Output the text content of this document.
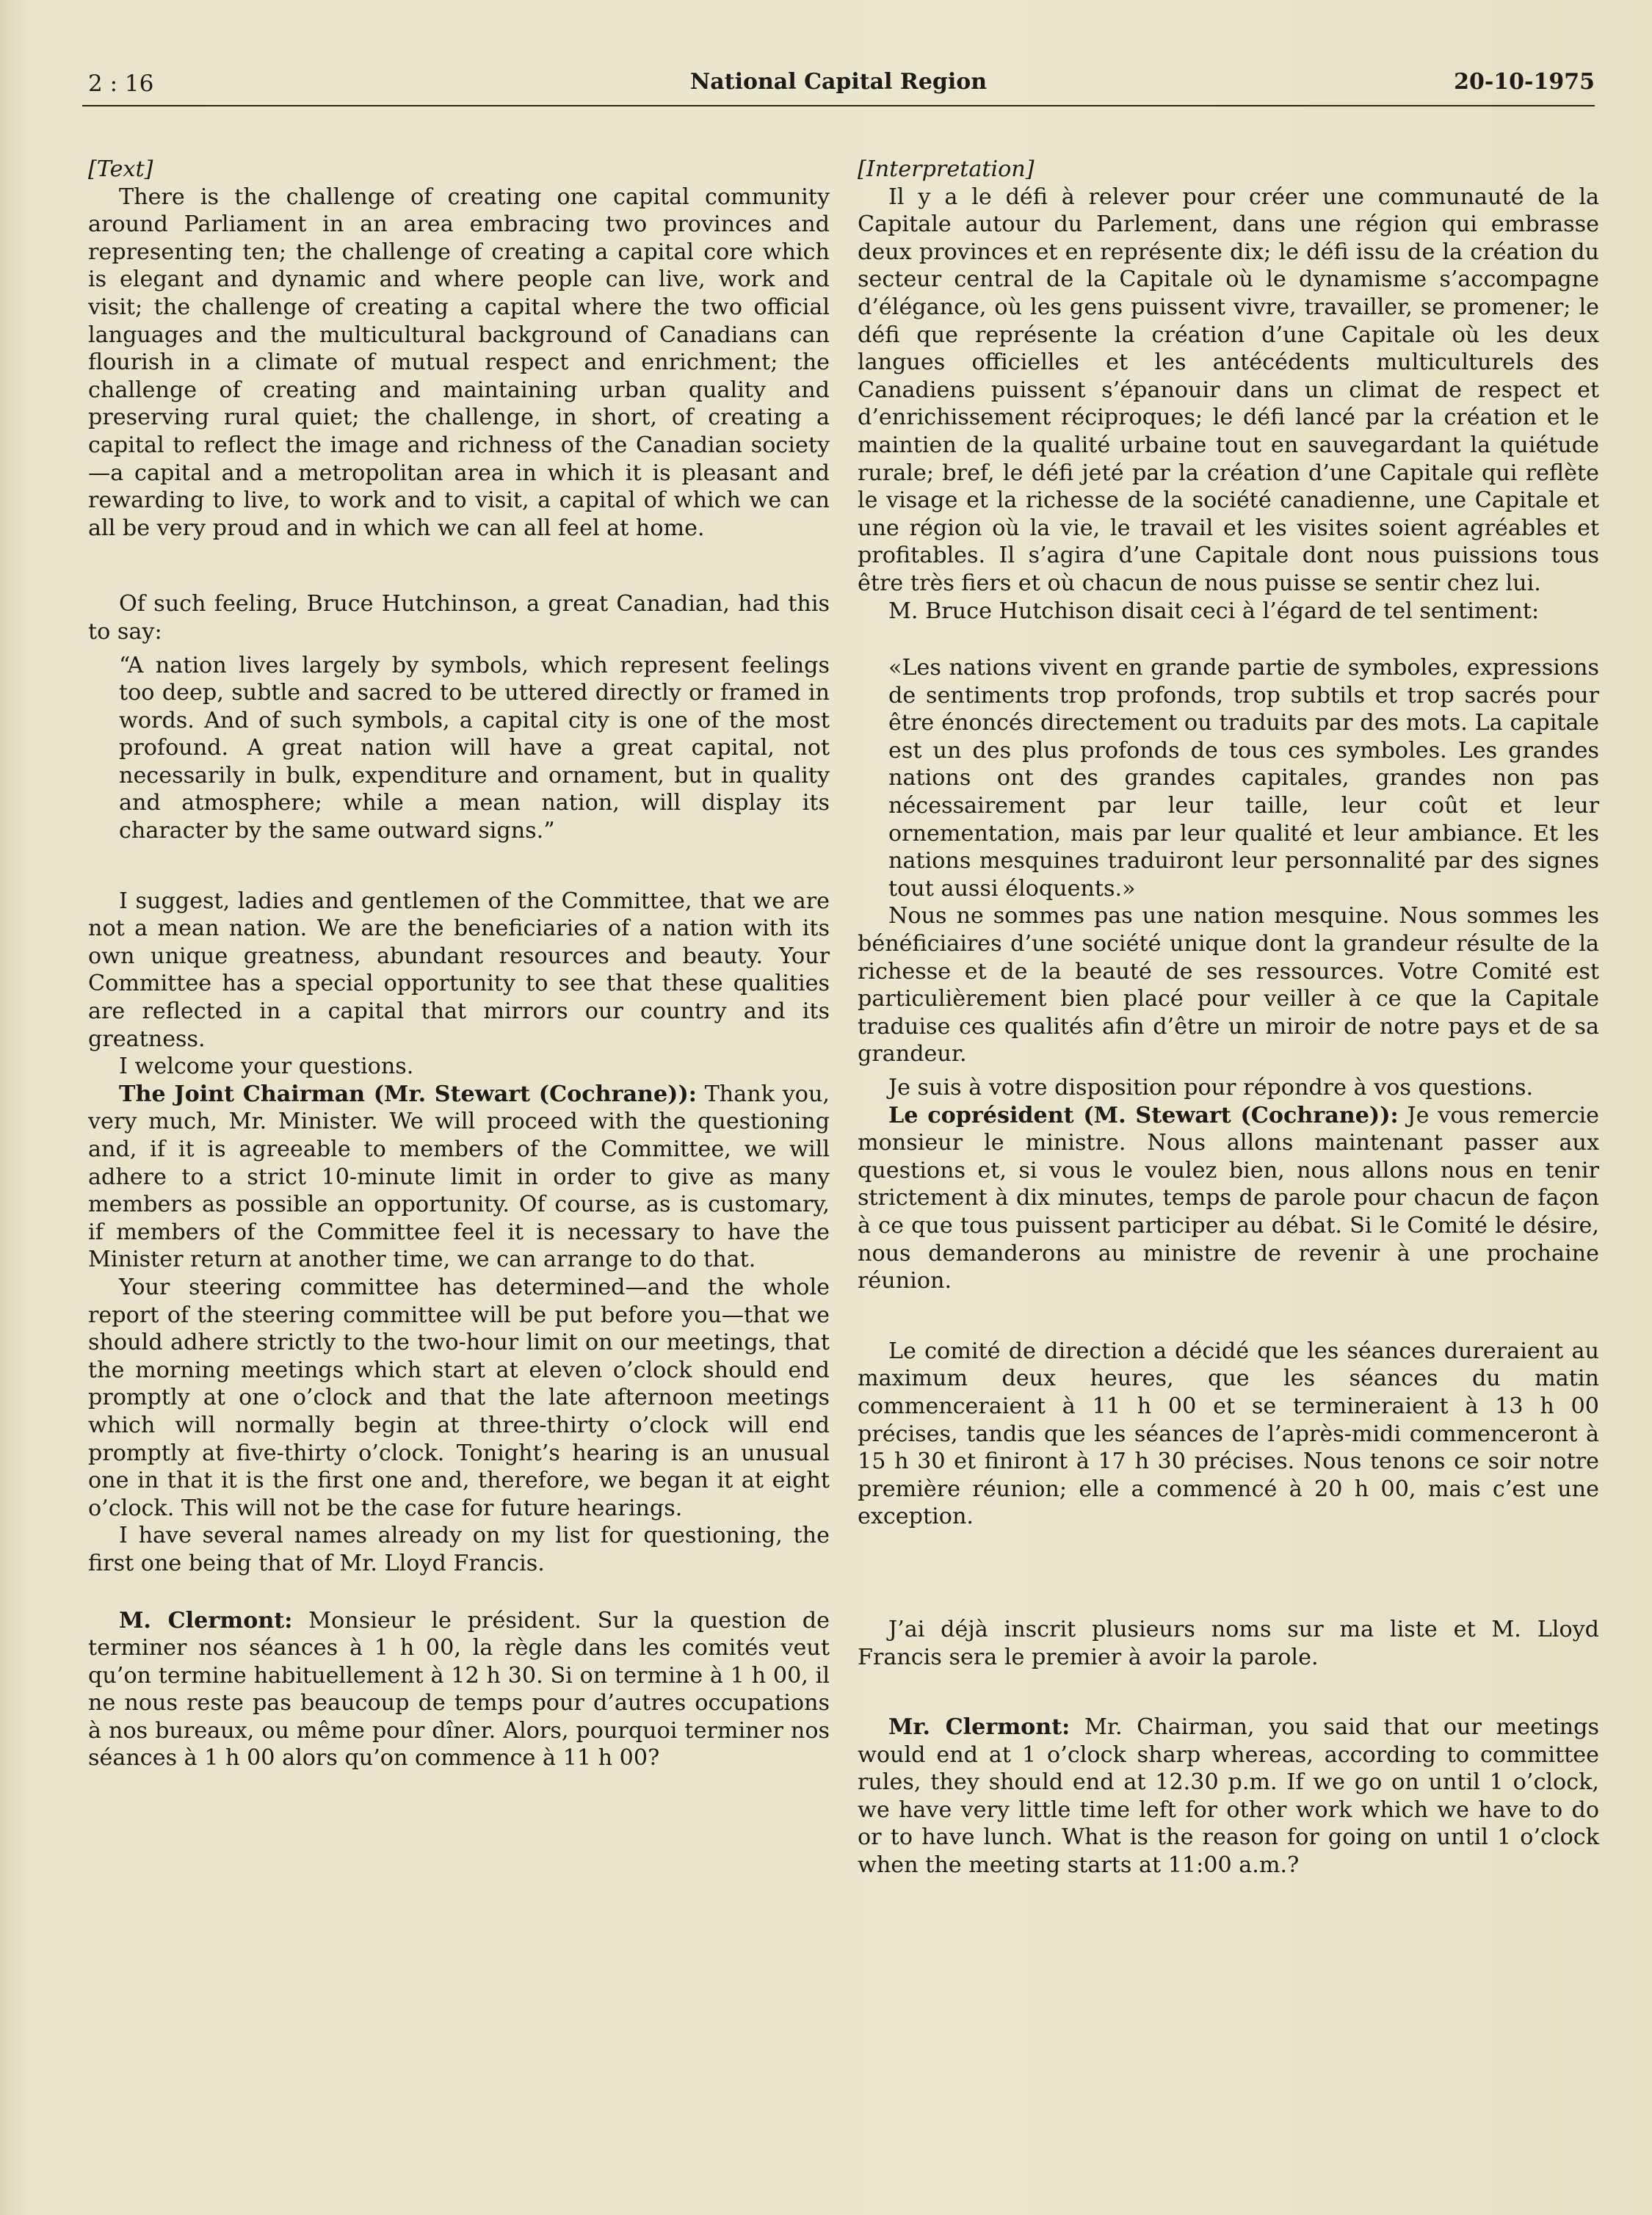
2 : 16	National Capital Region	20-10-1975

[Text]

There is the challenge of creating one capital community around Parliament in an area embracing two provinces and representing ten; the challenge of creating a capital core which is elegant and dynamic and where people can live, work and visit; the challenge of creating a capital where the two official languages and the multicultural background of Canadians can flourish in a climate of mutual respect and enrichment; the challenge of creating and maintaining urban quality and preserving rural quiet; the challenge, in short, of creating a capital to reflect the image and richness of the Canadian society—a capital and a metropolitan area in which it is pleasant and rewarding to live, to work and to visit, a capital of which we can all be very proud and in which we can all feel at home.

Of such feeling, Bruce Hutchinson, a great Canadian, had this to say:

“A nation lives largely by symbols, which represent feelings too deep, subtle and sacred to be uttered directly or framed in words. And of such symbols, a capital city is one of the most profound. A great nation will have a great capital, not necessarily in bulk, expenditure and ornament, but in quality and atmosphere; while a mean nation, will display its character by the same outward signs.”

I suggest, ladies and gentlemen of the Committee, that we are not a mean nation. We are the beneficiaries of a nation with its own unique greatness, abundant resources and beauty. Your Committee has a special opportunity to see that these qualities are reflected in a capital that mirrors our country and its greatness.

I welcome your questions.

The Joint Chairman (Mr. Stewart (Cochrane)): Thank you, very much, Mr. Minister. We will proceed with the questioning and, if it is agreeable to members of the Committee, we will adhere to a strict 10-minute limit in order to give as many members as possible an opportunity. Of course, as is customary, if members of the Committee feel it is necessary to have the Minister return at another time, we can arrange to do that.

Your steering committee has determined—and the whole report of the steering committee will be put before you—that we should adhere strictly to the two-hour limit on our meetings, that the morning meetings which start at eleven o’clock should end promptly at one o’clock and that the late afternoon meetings which will normally begin at three-thirty o’clock will end promptly at five-thirty o’clock. Tonight’s hearing is an unusual one in that it is the first one and, therefore, we began it at eight o’clock. This will not be the case for future hearings.

I have several names already on my list for questioning, the first one being that of Mr. Lloyd Francis.

M. Clermont: Monsieur le président. Sur la question de terminer nos séances à 1 h 00, la règle dans les comités veut qu’on termine habituellement à 12 h 30. Si on termine à 1 h 00, il ne nous reste pas beaucoup de temps pour d’autres occupations à nos bureaux, ou même pour dîner. Alors, pourquoi terminer nos séances à 1 h 00 alors qu’on commence à 11 h 00?

[Interpretation]

Il y a le défi à relever pour créer une communauté de la Capitale autour du Parlement, dans une région qui embrasse deux provinces et en représente dix; le défi issu de la création du secteur central de la Capitale où le dynamisme s’accompagne d’élégance, où les gens puissent vivre, travailler, se promener; le défi que représente la création d’une Capitale où les deux langues officielles et les antécédents multiculturels des Canadiens puissent s’épanouir dans un climat de respect et d’enrichissement réciproques; le défi lancé par la création et le maintien de la qualité urbaine tout en sauvegardant la quiétude rurale; bref, le défi jeté par la création d’une Capitale qui reflète le visage et la richesse de la société canadienne, une Capitale et une région où la vie, le travail et les visites soient agréables et profitables. Il s’agira d’une Capitale dont nous puissions tous être très fiers et où chacun de nous puisse se sentir chez lui.

M. Bruce Hutchison disait ceci à l’égard de tel sentiment:

«Les nations vivent en grande partie de symboles, expressions de sentiments trop profonds, trop subtils et trop sacrés pour être énoncés directement ou traduits par des mots. La capitale est un des plus profonds de tous ces symboles. Les grandes nations ont des grandes capitales, grandes non pas nécessairement par leur taille, leur coût et leur ornementation, mais par leur qualité et leur ambiance. Et les nations mesquines traduiront leur personnalité par des signes tout aussi éloquents.»

Nous ne sommes pas une nation mesquine. Nous sommes les bénéficiaires d’une société unique dont la grandeur résulte de la richesse et de la beauté de ses ressources. Votre Comité est particulièrement bien placé pour veiller à ce que la Capitale traduise ces qualités afin d’être un miroir de notre pays et de sa grandeur.

Je suis à votre disposition pour répondre à vos questions.

Le coprésident (M. Stewart (Cochrane)): Je vous remercie monsieur le ministre. Nous allons maintenant passer aux questions et, si vous le voulez bien, nous allons nous en tenir strictement à dix minutes, temps de parole pour chacun de façon à ce que tous puissent participer au débat. Si le Comité le désire, nous demanderons au ministre de revenir à une prochaine réunion.

Le comité de direction a décidé que les séances dureraient au maximum deux heures, que les séances du matin commenceraient à 11 h 00 et se termineraient à 13 h 00 précises, tandis que les séances de l’après-midi commenceront à 15 h 30 et finiront à 17 h 30 précises. Nous tenons ce soir notre première réunion; elle a commencé à 20 h 00, mais c’est une exception.

J’ai déjà inscrit plusieurs noms sur ma liste et M. Lloyd Francis sera le premier à avoir la parole.

Mr. Clermont: Mr. Chairman, you said that our meetings would end at 1 o’clock sharp whereas, according to committee rules, they should end at 12.30 p.m. If we go on until 1 o’clock, we have very little time left for other work which we have to do or to have lunch. What is the reason for going on until 1 o’clock when the meeting starts at 11:00 a.m.?
